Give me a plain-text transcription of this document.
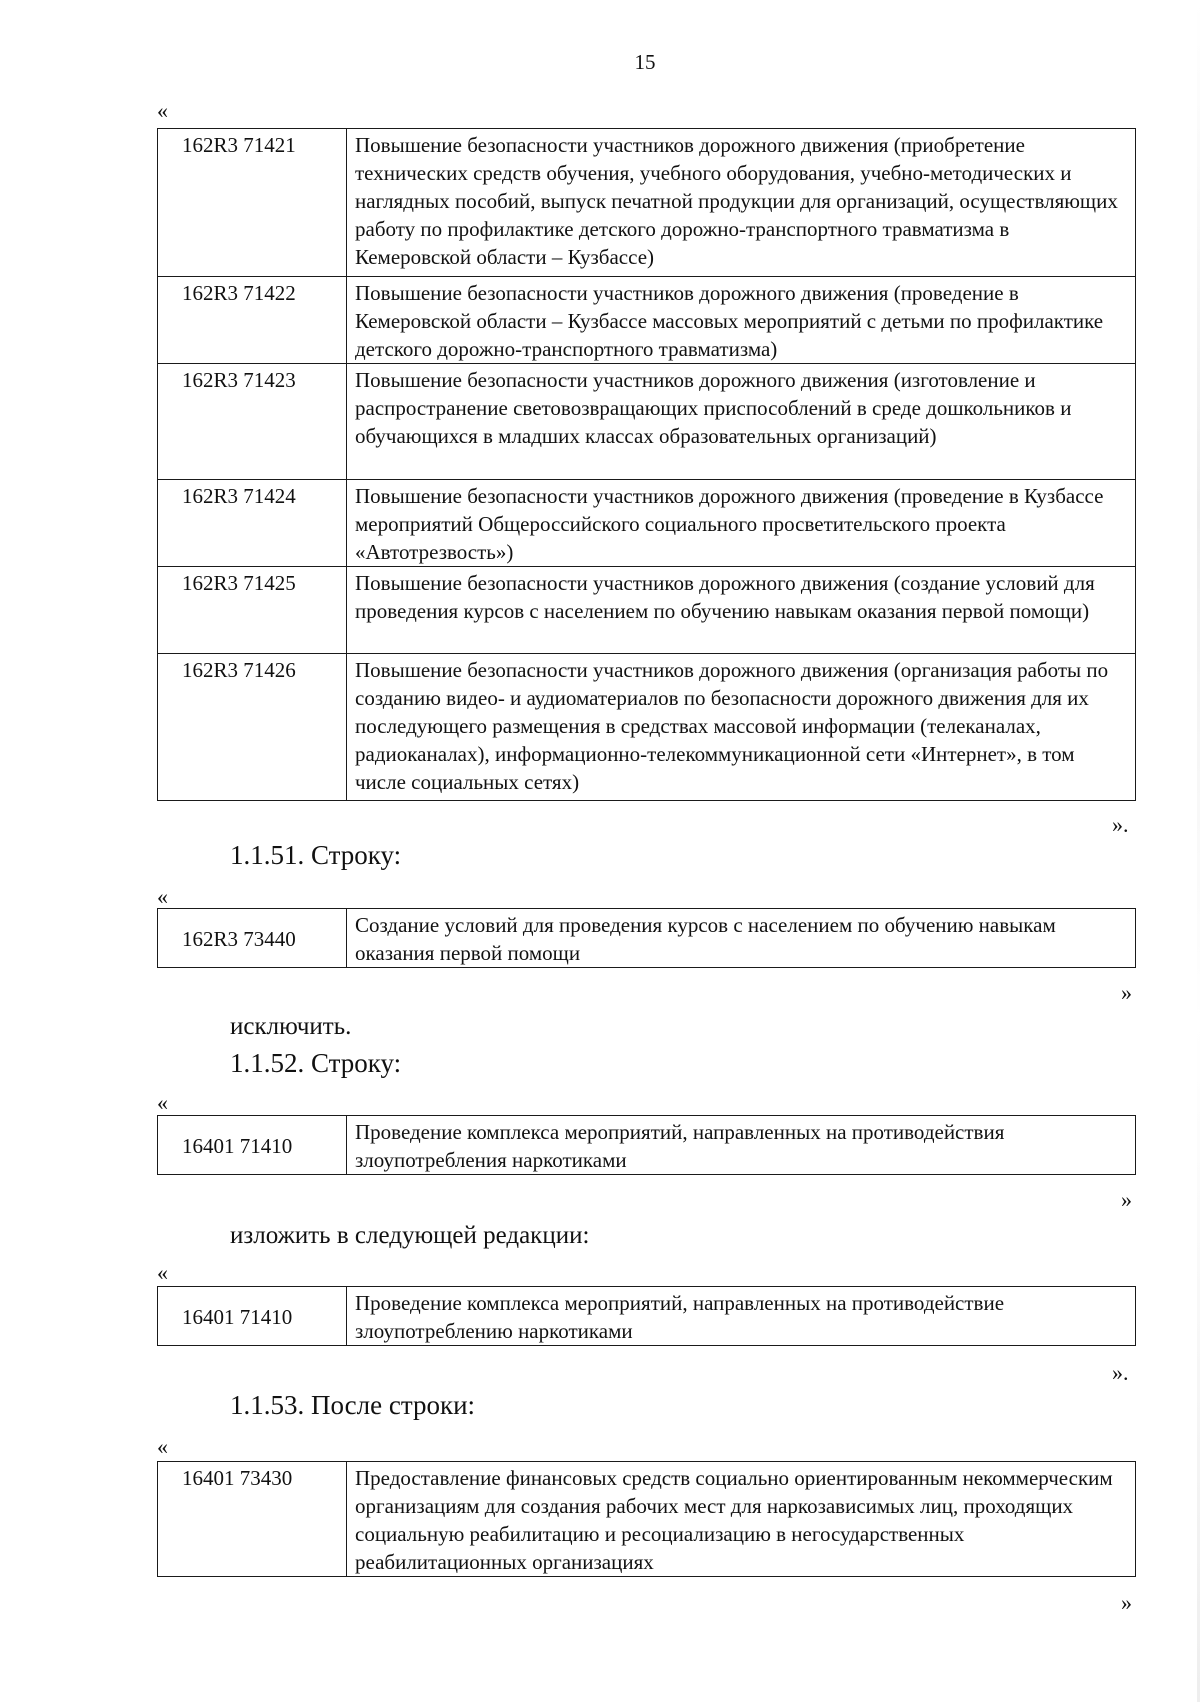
15
«
162R3 71421	Повышение безопасности участников дорожного движения (приобретение технических средств обучения, учебного оборудования, учебно-методических и наглядных пособий, выпуск печатной продукции для организаций, осуществляющих работу по профилактике детского дорожно-транспортного травматизма в Кемеровской области – Кузбассе)
162R3 71422	Повышение безопасности участников дорожного движения (проведение в Кемеровской области – Кузбассе массовых мероприятий с детьми по профилактике детского дорожно-транспортного травматизма)
162R3 71423	Повышение безопасности участников дорожного движения (изготовление и распространение световозвращающих приспособлений в среде дошкольников и обучающихся в младших классах образовательных организаций)
162R3 71424	Повышение безопасности участников дорожного движения (проведение в Кузбассе мероприятий Общероссийского социального просветительского проекта «Автотрезвость»)
162R3 71425	Повышение безопасности участников дорожного движения (создание условий для проведения курсов с населением по обучению навыкам оказания первой помощи)
162R3 71426	Повышение безопасности участников дорожного движения (организация работы по созданию видео- и аудиоматериалов по безопасности дорожного движения для их последующего размещения в средствах массовой информации (телеканалах, радиоканалах), информационно-телекоммуникационной сети «Интернет», в том числе социальных сетях)
».
1.1.51. Строку:
«
162R3 73440	Создание условий для проведения курсов с населением по обучению навыкам оказания первой помощи
»
исключить.
1.1.52. Строку:
«
16401 71410	Проведение комплекса мероприятий, направленных на противодействия злоупотребления наркотиками
»
изложить в следующей редакции:
«
16401 71410	Проведение комплекса мероприятий, направленных на противодействие злоупотреблению наркотиками
».
1.1.53. После строки:
«
16401 73430	Предоставление финансовых средств социально ориентированным некоммерческим организациям для создания рабочих мест для наркозависимых лиц, проходящих социальную реабилитацию и ресоциализацию в негосударственных реабилитационных организациях
»
